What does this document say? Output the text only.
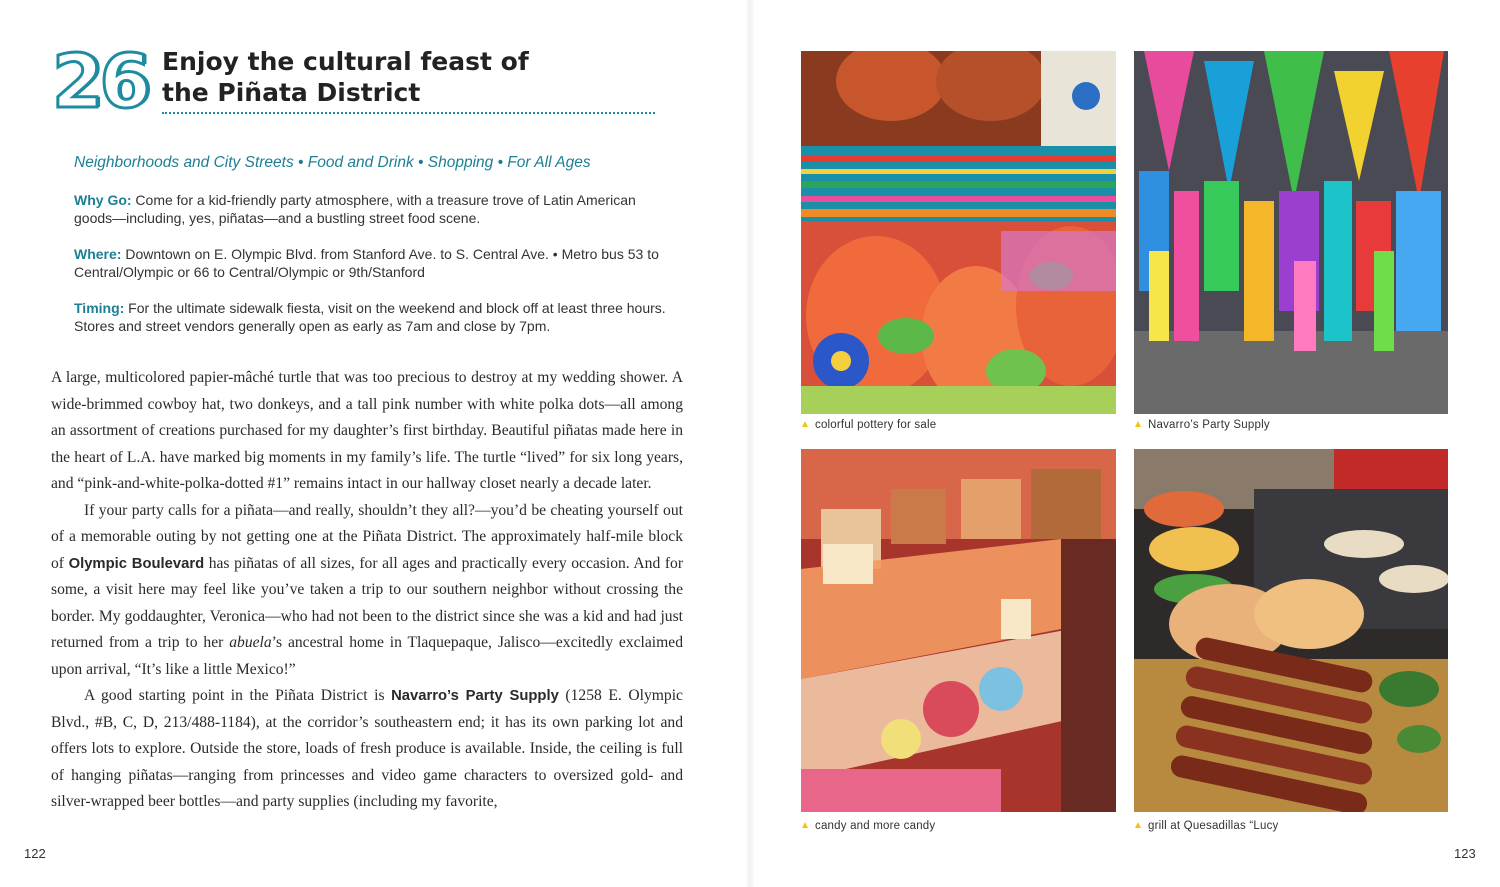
26 Enjoy the cultural feast of
the Piñata District
Neighborhoods and City Streets • Food and Drink • Shopping • For All Ages
Why Go: Come for a kid-friendly party atmosphere, with a treasure trove of Latin American goods—including, yes, piñatas—and a bustling street food scene.
Where: Downtown on E. Olympic Blvd. from Stanford Ave. to S. Central Ave. • Metro bus 53 to Central/Olympic or 66 to Central/Olympic or 9th/Stanford
Timing: For the ultimate sidewalk fiesta, visit on the weekend and block off at least three hours. Stores and street vendors generally open as early as 7am and close by 7pm.

A large, multicolored papier-mâché turtle that was too precious to destroy at my wedding shower. A wide-brimmed cowboy hat, two donkeys, and a tall pink number with white polka dots—all among an assortment of creations purchased for my daughter’s first birthday. Beautiful piñatas made here in the heart of L.A. have marked big moments in my family’s life. The turtle “lived” for six long years, and “pink-and-white-polka-dotted #1” remains intact in our hallway closet nearly a decade later.

If your party calls for a piñata—and really, shouldn’t they all?—you’d be cheating yourself out of a memorable outing by not getting one at the Piñata District. The approximately half-mile block of Olympic Boulevard has piñatas of all sizes, for all ages and practically every occasion. And for some, a visit here may feel like you’ve taken a trip to our southern neighbor without crossing the border. My goddaughter, Veronica—who had not been to the district since she was a kid and had just returned from a trip to her abuela’s ancestral home in Tlaquepaque, Jalisco—excitedly exclaimed upon arrival, “It’s like a little Mexico!”

A good starting point in the Piñata District is Navarro’s Party Supply (1258 E. Olympic Blvd., #B, C, D, 213/488-1184), at the corridor’s southeastern end; it has its own parking lot and offers lots to explore. Outside the store, loads of fresh produce is available. Inside, the ceiling is full of hanging piñatas—ranging from princesses and video game characters to oversized gold- and silver-wrapped beer bottles—and party supplies (including my favorite,

122
colorful pottery for sale	Navarro’s Party Supply
candy and more candy	grill at Quesadillas “Lucy
123
